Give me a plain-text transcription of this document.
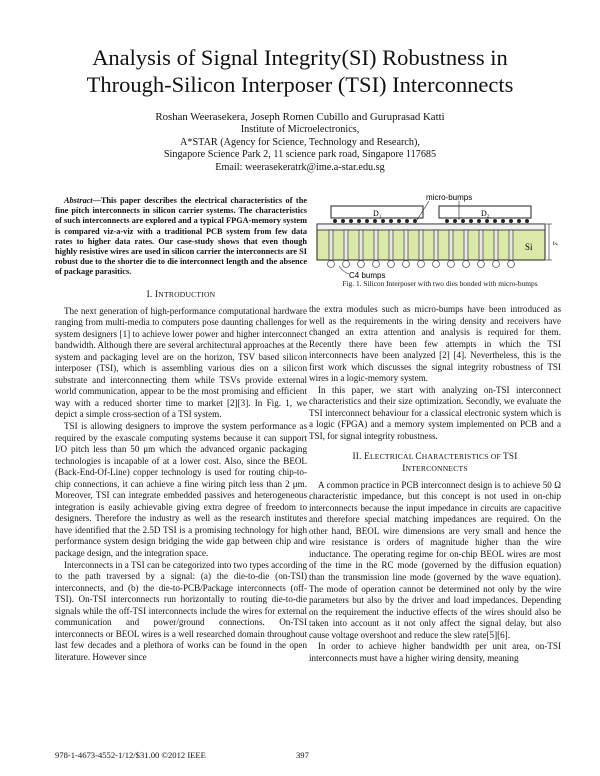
Analysis of Signal Integrity(SI) Robustness in
Through-Silicon Interposer (TSI) Interconnects
Roshan Weerasekera, Joseph Romen Cubillo and Guruprasad Katti
Institute of Microelectronics,
A*STAR (Agency for Science, Technology and Research),
Singapore Science Park 2, 11 science park road, Singapore 117685
Email: weerasekeratrk@ime.a-star.edu.sg
Abstract—This paper describes the electrical characteristics of the fine pitch interconnects in silicon carrier systems. The characteristics of such interconnects are explored and a typical FPGA-memory system is compared viz-a-viz with a traditional PCB system from few data rates to higher data rates. Our case-study shows that even though highly resistive wires are used in silicon carrier the interconnects are SI robust due to the shorter die to die interconnect length and the absence of package parasitics.
I. INTRODUCTION

The next generation of high-performance computational hardware ranging from multi-media to computers pose daunting challenges for system designers [1] to achieve lower power and higher interconnect bandwidth. Although there are several architectural approaches at the system and packaging level are on the horizon, TSV based silicon interposer (TSI), which is assembling various dies on a silicon substrate and interconnecting them while TSVs provide external world communication, appear to be the most promising and efficient way with a reduced shorter time to market [2][3]. In Fig. 1, we depict a simple cross-section of a TSI system.

TSI is allowing designers to improve the system performance as required by the exascale computing systems because it can support I/O pitch less than 50 μm which the advanced organic packaging technologies is incapable of at a lower cost. Also, since the BEOL (Back-End-Of-Line) copper technology is used for routing chip-to-chip connections, it can achieve a fine wiring pitch less than 2 μm. Moreover, TSI can integrate embedded passives and heterogeneous integration is easily achievable giving extra degree of freedom to designers. Therefore the industry as well as the research institutes have identified that the 2.5D TSI is a promising technology for high performance system design bridging the wide gap between chip and package design, and the integration space.

Interconnects in a TSI can be categorized into two types according to the path traversed by a signal: (a) the die-to-die (on-TSI) interconnects, and (b) the die-to-PCB/Package interconnects (off-TSI). On-TSI interconnects run horizontally to routing die-to-die signals while the off-TSI interconnects include the wires for external communication and power/ground connections. On-TSI interconnects or BEOL wires is a well researched domain throughout last few decades and a plethora of works can be found in the open literature. However since

D₁	D₂
Si	tₛᵢ
micro-bumps
C4 bumps
Fig. 1. Silicon Interposer with two dies bonded with micro-bumps

the extra modules such as micro-bumps have been introduced as well as the requirements in the wiring density and receivers have changed an extra attention and analysis is required for them. Recently there have been few attempts in which the TSI interconnects have been analyzed [2] [4]. Nevertheless, this is the first work which discusses the signal integrity robustness of TSI wires in a logic-memory system.

In this paper, we start with analyzing on-TSI interconnect characteristics and their size optimization. Secondly, we evaluate the TSI interconnect behaviour for a classical electronic system which is a logic (FPGA) and a memory system implemented on PCB and a TSI, for signal integrity robustness.

II. ELECTRICAL CHARACTERISTICS OF TSI
INTERCONNECTS

A common practice in PCB interconnect design is to achieve 50 Ω characteristic impedance, but this concept is not used in on-chip interconnects because the input impedance in circuits are capacitive and therefore special matching impedances are required. On the other hand, BEOL wire dimensions are very small and hence the wire resistance is orders of magnitude higher than the wire inductance. The operating regime for on-chip BEOL wires are most of the time in the RC mode (governed by the diffusion equation) than the transmission line mode (governed by the wave equation). The mode of operation cannot be determined not only by the wire parameters but also by the driver and load impedances. Depending on the requirement the inductive effects of the wires should also be taken into account as it not only affect the signal delay, but also cause voltage overshoot and reduce the slew rate[5][6].

In order to achieve higher bandwidth per unit area, on-TSI interconnects must have a higher wiring density, meaning

978-1-4673-4552-1/12/$31.00 ©2012 IEEE	397
